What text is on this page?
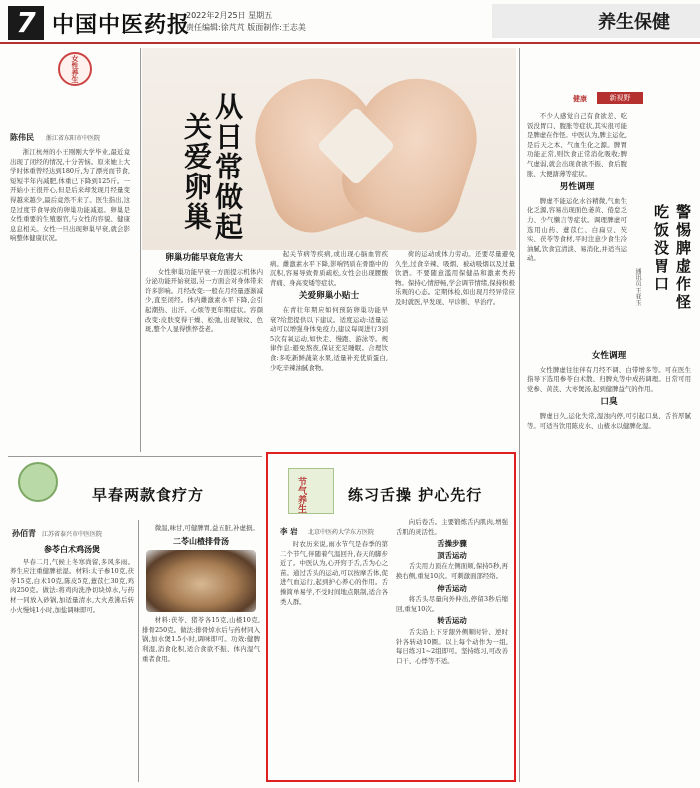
7 中国中医药报
2022年2月25日 星期五
责任编辑:徐芃芃 版面制作:王志美	养生保健
女性养生
陈伟民 浙江省东阳市中医院

浙江杭州的小王刚刚大学毕业,最近竟出现了闭经的情况,十分苦恼。原来她上大学时体重曾经达到180斤,为了漂亮而节食,短短半年内减肥,体重已下降到125斤。一开始小王很开心,但是后来却发现月经量变得越来越少,最后竟然不来了。医生指出,这是过度节食导致的卵巢功能减退。卵巢是女性重要的生殖器官,与女性的容貌、健康息息相关。女性一旦出现卵巢早衰,就会影响整体健康状况。	从日常做起
关爱卵巢
卵巢功能早衰危害大

女性卵巢功能早衰一方面提示机体内分泌功能开始衰退,另一方面会对身体带来许多影响。月经改变:一般在月经量逐渐减少,直至闭经。体内雌激素水平下降,会引起潮热、出汗、心烦等更年期症状。容颜改变:皮肤变得干燥、松弛,出现皱纹、色斑,整个人显得憔悴苍老。

起关节病等疾病,或出现心脑血管疾病。雌激素水平下降,影响钙质在骨骼中的沉积,容易导致骨质疏松,女性会出现腰酸背痛、身高变矮等症状。

关爱卵巢小贴士

在青壮年期应如何预防卵巢功能早衰?给您提供以下建议。适度运动:适量运动可以增强身体免疫力,建议每周进行3到5次有氧运动,如快走、慢跑、游泳等。规律作息:避免熬夜,保证充足睡眠。合理饮食:多吃新鲜蔬菜水果,适量补充优质蛋白,少吃辛辣油腻食物。

荷的运动或体力劳动。还要尽量避免久坐,过食辛辣、吸烟、被动吸烟以及过量饮酒。不要随意滥用保健品和激素类药物。保持心情舒畅,学会调节情绪,保持积极乐观的心态。定期体检,如出现月经异常应及时就医,早发现、早诊断、早治疗。

健康	新视野

不少人感觉自己有食欲差、吃饭没胃口、腹胀等症状,其实很可能是脾虚在作怪。中医认为,脾主运化,是后天之本、气血生化之源。脾胃功能正常,则饮食正常消化吸收;脾气虚弱,就会出现食欲不振、食后腹胀、大便溏薄等症状。

男性调理

脾虚不能运化水谷精微,气血生化乏源,容易出现面色萎黄、倦怠乏力、少气懒言等症状。调理脾虚可选用山药、薏苡仁、白扁豆、芡实、茯苓等食材,平时注意少食生冷油腻,饮食宜清淡、易消化,并适当运动。	吃饭没胃口 警惕脾虚作怪
通讯员 王亚玉
女性调理

女性脾虚往往伴有月经不调、白带增多等。可在医生指导下选用参苓白术散、归脾丸等中成药调理。日常可用党参、黄芪、大枣煲汤,起到健脾益气的作用。

口臭

脾虚日久,运化失常,湿浊内停,可引起口臭、舌苔厚腻等。可适当饮用陈皮水、山楂水以健脾化湿。

早春两款食疗方
孙佰青 江苏省泰兴市中医医院
参苓白术鸡汤煲

早春二月,气候上冬寒尚留,多风多雨。养生应注重健脾祛湿。材料:太子参10克,茯苓15克,白术10克,陈皮5克,薏苡仁30克,鸡肉250克。做法:将鸡肉洗净切块焯水,与药材一同放入砂锅,加适量清水,大火煮沸后转小火慢炖1小时,加盐调味即可。

微温,味甘,可健脾胃,益五脏,补虚损。

二苓山楂排骨汤

材料:茯苓、猪苓各15克,山楂10克,排骨250克。做法:排骨焯水后与药材同入锅,加水煲1.5小时,调味即可。功效:健脾利湿,消食化积,适合食欲不振、体内湿气重者食用。

节气养生	练习舌操 护心先行
李 岩 北京中医药大学东方医院

时农历来说,雨水节气是春季的第二个节气,伴随着气温回升,春天的脚步近了。中医认为,心开窍于舌,舌为心之苗。通过舌头的运动,可以按摩舌体,促进气血运行,起到护心养心的作用。舌操简单易学,不受时间地点限制,适合各类人群。

向后卷舌。主要锻炼舌内肌肉,增强舌肌的灵活性。

舌操步骤
顶舌运动

舌尖用力顶在左侧面颊,保持5秒,再换右侧,重复10次。可刺激面部经络。

伸舌运动

将舌头尽量向外伸出,停留3秒后缩回,重复10次。

转舌运动

舌尖沿上下牙龈外侧顺时针、逆时针各转动10圈。以上每个动作为一组,每日练习1~2组即可。坚持练习,可改善口干、心悸等不适。
